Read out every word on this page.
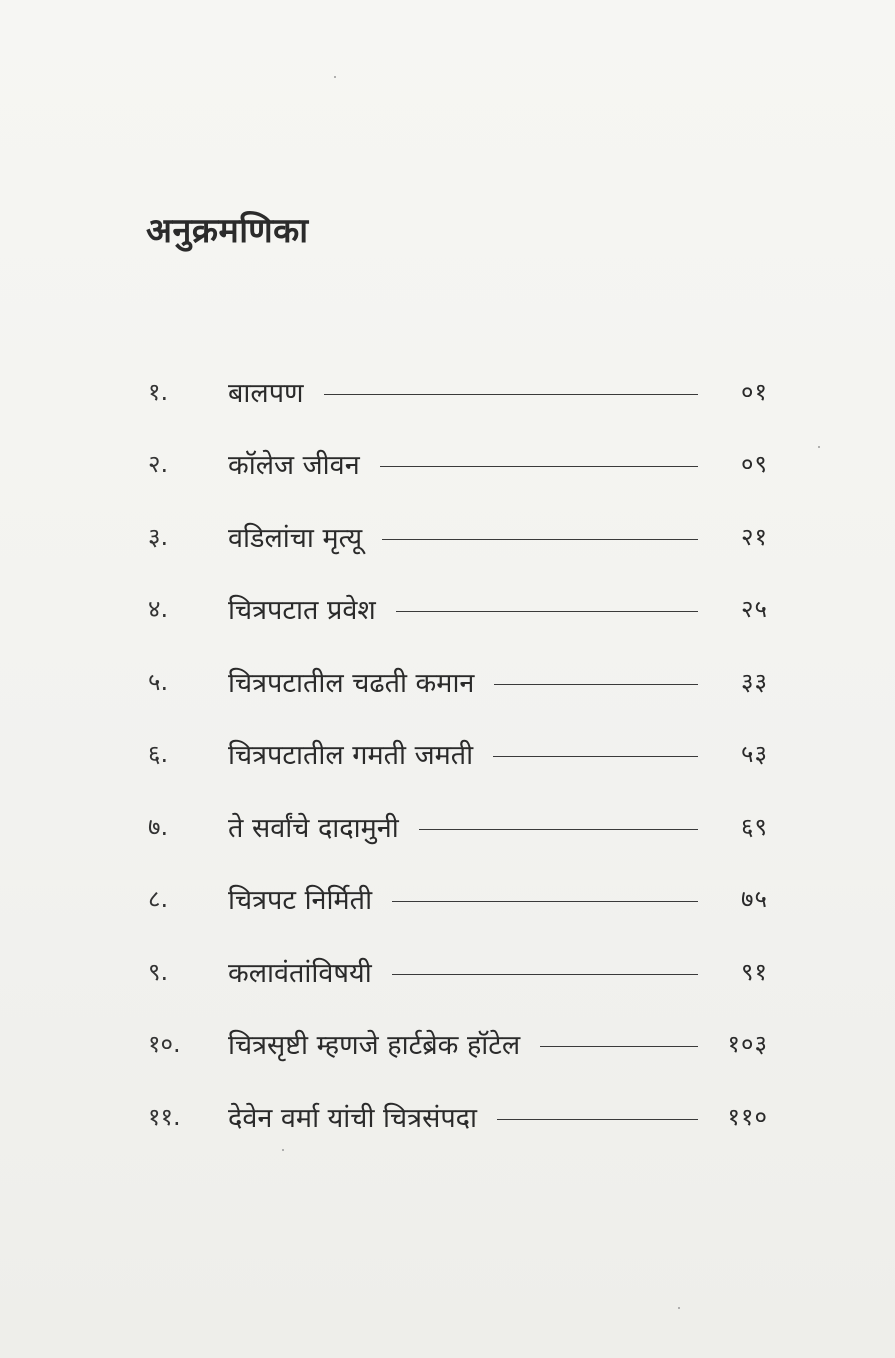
अनुक्रमणिका
१.	बालपण	०१
२.	कॉलेज जीवन	०९
३.	वडिलांचा मृत्यू	२१
४.	चित्रपटात प्रवेश	२५
५.	चित्रपटातील चढती कमान	३३
६.	चित्रपटातील गमती जमती	५३
७.	ते सर्वांचे दादामुनी	६९
८.	चित्रपट निर्मिती	७५
९.	कलावंतांविषयी	९१
१०.	चित्रसृष्टी म्हणजे हार्टब्रेक हॉटेल	१०३
११.	देवेन वर्मा यांची चित्रसंपदा	११०
